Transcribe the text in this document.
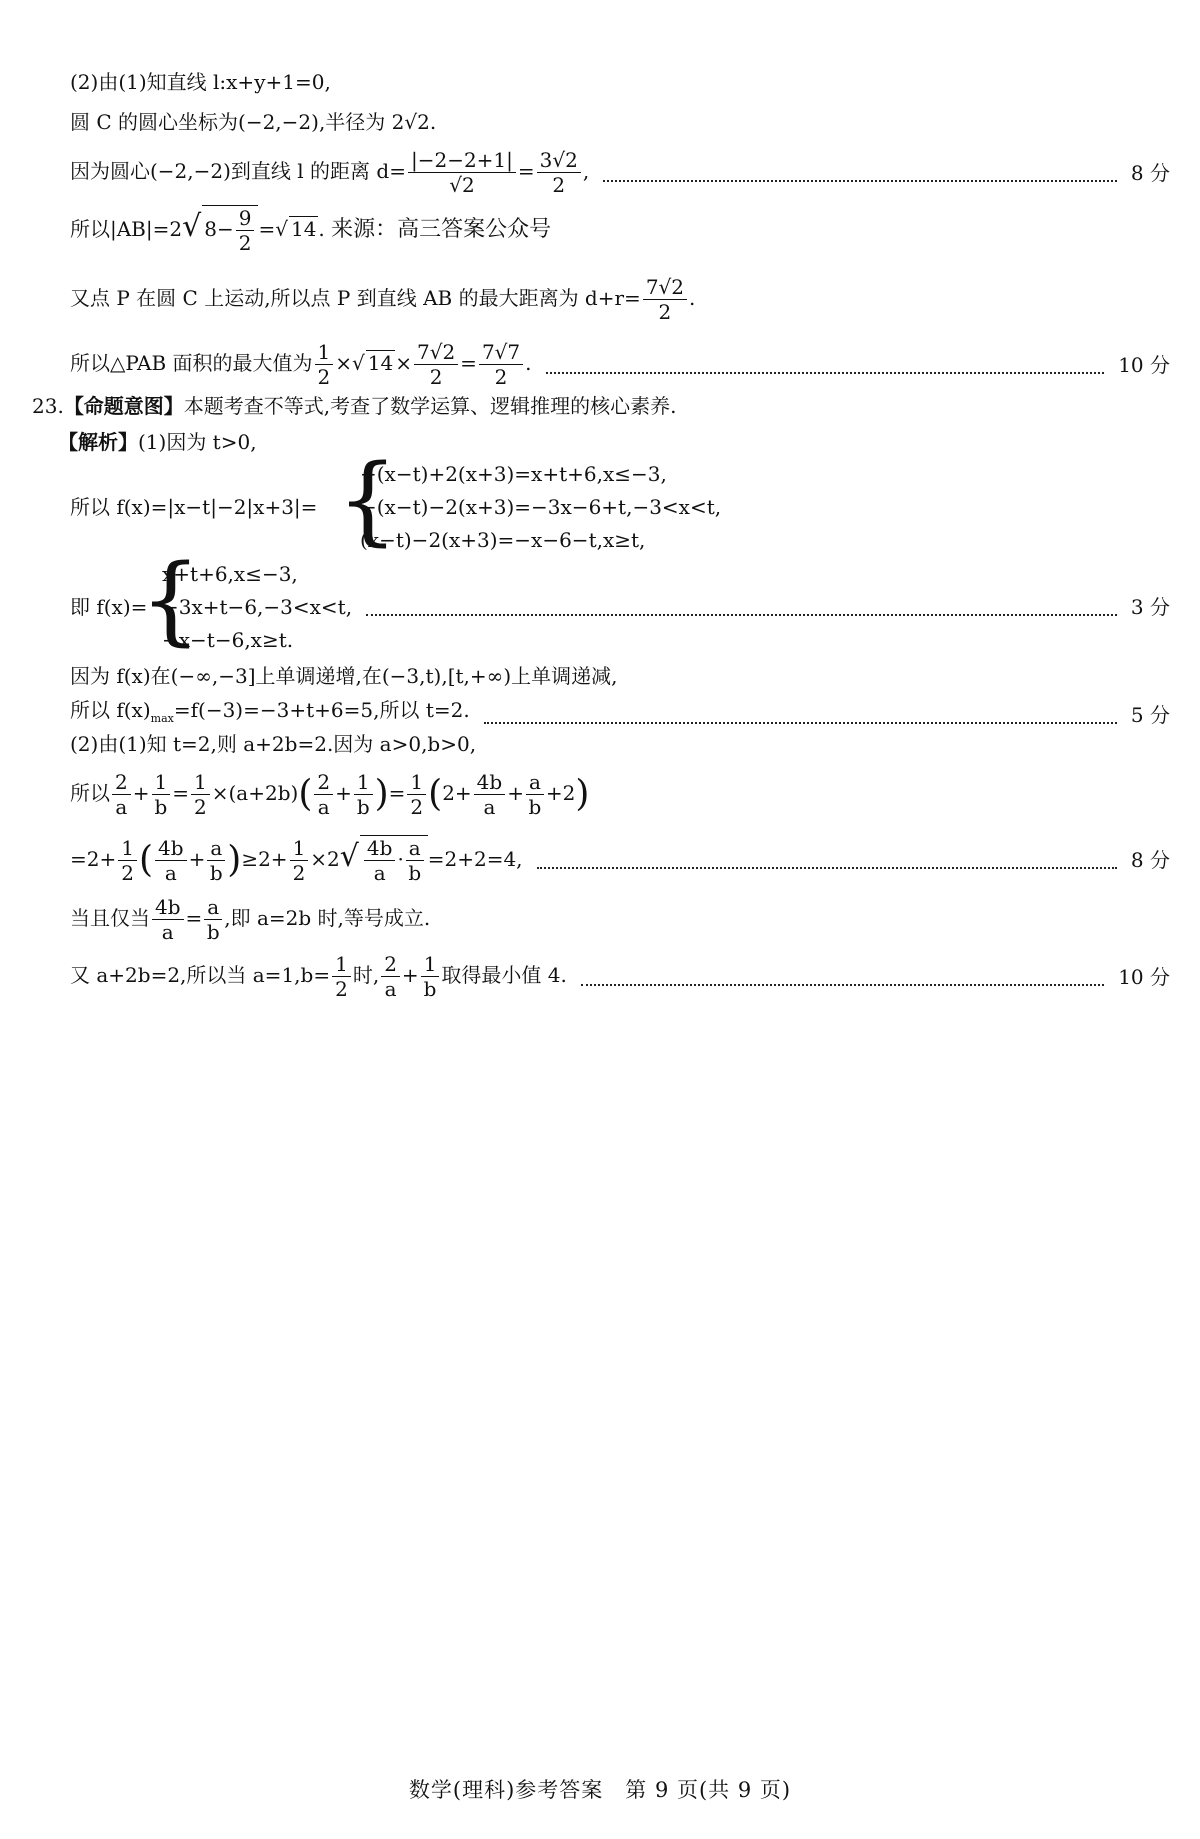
(2)由(1)知直线 l:x+y+1=0,
圆 C 的圆心坐标为(−2,−2),半径为 2√2.
因为圆心(−2,−2)到直线 l 的距离 $d= \frac{|-2-2+1|}{√2} = \frac{3√2}{2}$ ,	8 分
所以|AB|=2√ $8- \frac{9}{2}$ =√ 14 . 来源：高三答案公众号
又点 P 在圆 C 上运动,所以点 P 到直线 AB 的最大距离为 $d+r= \frac{7√2}{2}$ .
所以△PAB 面积的最大值为 $\frac{1}{2}$ ×√ $14 \times \frac{7√2}{2} = \frac{7√7}{2}$ .	10 分
23.【命题意图】本题考查不等式,考查了数学运算、逻辑推理的核心素养.
【解析】(1)因为 t>0,
所以 f(x)=|x−t|−2|x+3|= {
−(x−t)+2(x+3)=x+t+6,x≤−3,
−(x−t)−2(x+3)=−3x−6+t,−3<x<t,
(x−t)−2(x+3)=−x−6−t,x≥t,
即 f(x)=
{
x+t+6,x≤−3,
−3x+t−6,−3<x<t,	3 分
−x−t−6,x≥t.
因为 f(x)在(−∞,−3]上单调递增,在(−3,t),[t,+∞)上单调递减,
所以 $f(x)_{max}=f(-3)=-3+t+6=5$,所以 t=2.	5 分
(2)由(1)知 t=2,则 a+2b=2.因为 a>0,b>0,
所以 $\frac{2}{a} + \frac{1}{b} = \frac{1}{2} \times(a+2b)( \frac{2}{a} + \frac{1}{b}$ )= $\frac{1}{2} (2+ \frac{4b}{a} + \frac{a}{b} +2)$
$=2+ \frac{1}{2}$ ( $\frac{4b}{a} + \frac{a}{b} )\ge 2+ \frac{1}{2} \times 2√ \frac{4b}{a} \cdot \frac{a}{b} =2+2=4$,	8 分
当且仅当 $\frac{4b}{a} = \frac{a}{b}$ ,即 a=2b 时,等号成立.
又 a+2b=2,所以当 $a=1,b= \frac{1}{2}$ 时, $\frac{2}{a} + \frac{1}{b}$ 取得最小值 4.	10 分
数学(理科)参考答案　第 9 页(共 9 页)
